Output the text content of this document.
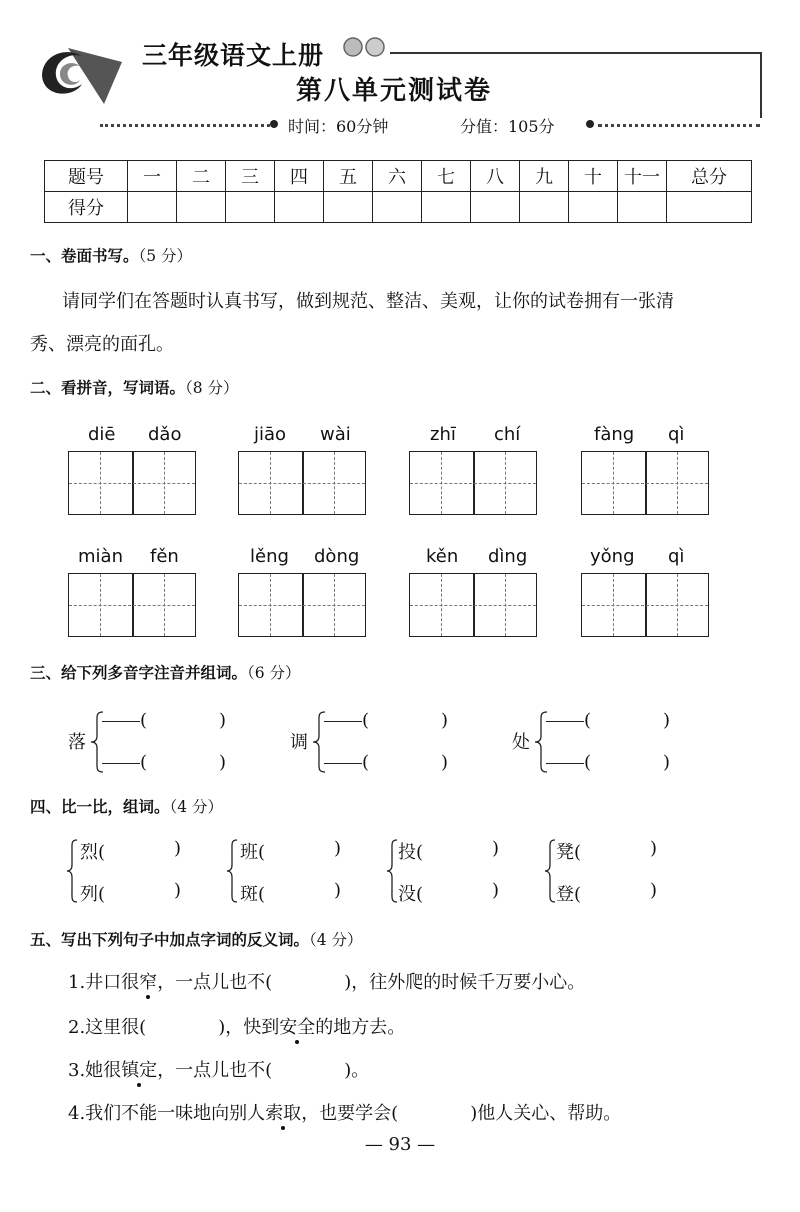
三年级语文上册
第八单元测试卷
时间：60分钟	分值：105分
题号	一	二	三	四	五	六	七	八	九	十	十一	总分
得分												
一、卷面书写。（5 分）
请同学们在答题时认真书写，做到规范、整洁、美观，让你的试卷拥有一张清
秀、漂亮的面孔。
二、看拼音，写词语。（8 分）
diē dǎo	jiāo wài	zhī chí	fàng qì
miàn fěn	lěng dòng	kěn dìng	yǒng qì
三、给下列多音字注音并组词。（6 分）
落
(　　　　)
(　　　　)
调
(　　　　)
(　　　　)
处
(　　　　)
(　　　　)
四、比一比，组词。（4 分）
烈(	)
列(	)
班(	)
斑(	)
投(	)
没(	)
凳(	)
登(	)
五、写出下列句子中加点字词的反义词。（4 分）
1.井口很窄，一点儿也不(　　　　)，往外爬的时候千万要小心。
2.这里很(　　　　)，快到安全的地方去。
3.她很镇定，一点儿也不(　　　　)。
4.我们不能一味地向别人索取，也要学会(　　　　)他人关心、帮助。
— 93 —
